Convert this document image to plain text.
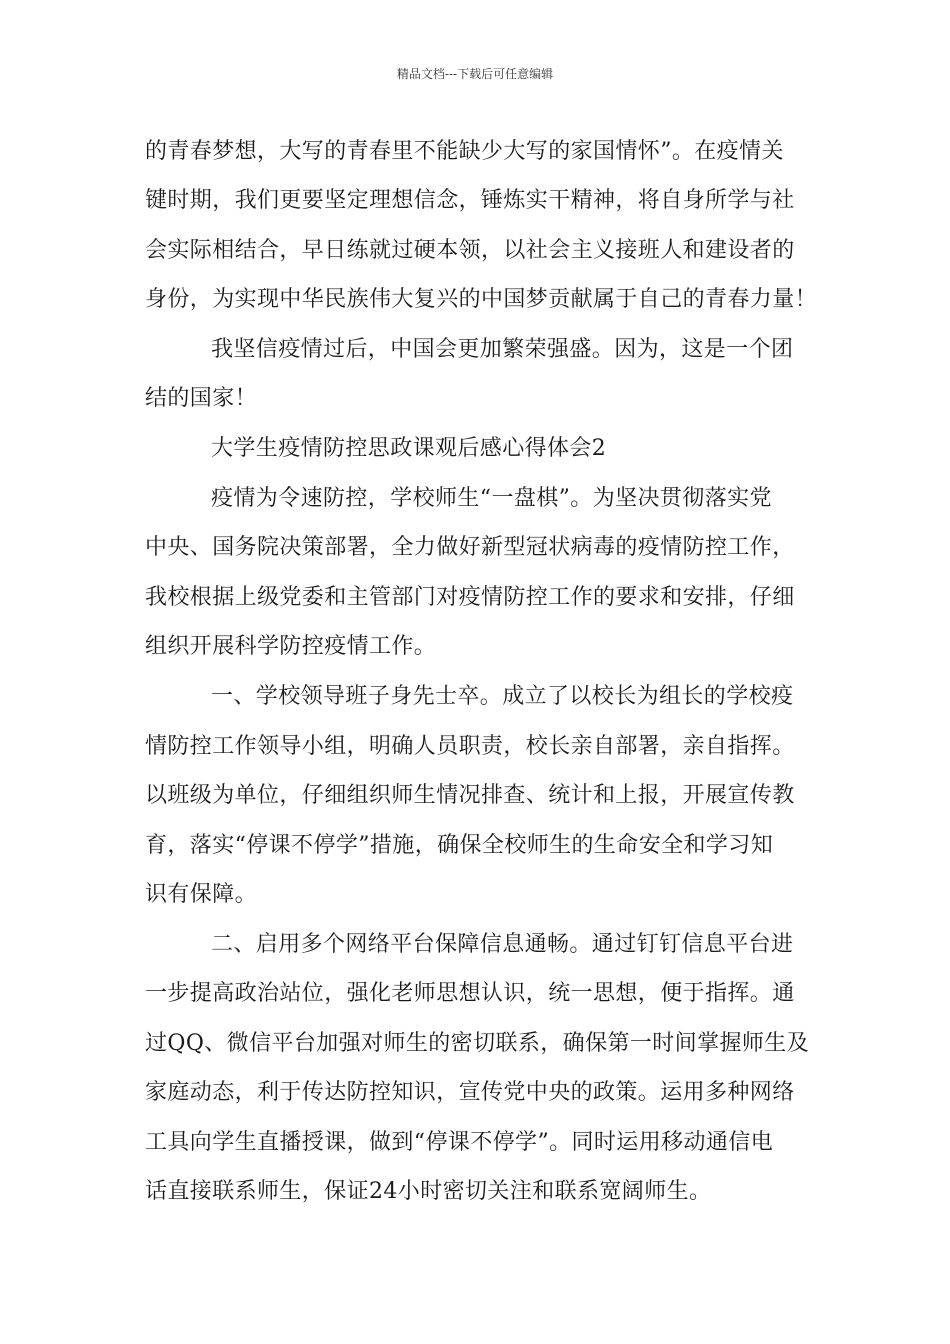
精品文档---下载后可任意编辑
的青春梦想，大写的青春里不能缺少大写的家国情怀”。在疫情关
键时期，我们更要坚定理想信念，锤炼实干精神，将自身所学与社
会实际相结合，早日练就过硬本领，以社会主义接班人和建设者的
身份，为实现中华民族伟大复兴的中国梦贡献属于自己的青春力量！
我坚信疫情过后，中国会更加繁荣强盛。因为，这是一个团
结的国家！
大学生疫情防控思政课观后感心得体会2
疫情为令速防控，学校师生“一盘棋”。为坚决贯彻落实党
中央、国务院决策部署，全力做好新型冠状病毒的疫情防控工作，
我校根据上级党委和主管部门对疫情防控工作的要求和安排，仔细
组织开展科学防控疫情工作。
一、学校领导班子身先士卒。成立了以校长为组长的学校疫
情防控工作领导小组，明确人员职责，校长亲自部署，亲自指挥。
以班级为单位，仔细组织师生情况排查、统计和上报，开展宣传教
育，落实“停课不停学”措施，确保全校师生的生命安全和学习知
识有保障。
二、启用多个网络平台保障信息通畅。通过钉钉信息平台进
一步提高政治站位，强化老师思想认识，统一思想，便于指挥。通
过QQ、微信平台加强对师生的密切联系，确保第一时间掌握师生及
家庭动态，利于传达防控知识，宣传党中央的政策。运用多种网络
工具向学生直播授课，做到“停课不停学”。同时运用移动通信电
话直接联系师生，保证24小时密切关注和联系宽阔师生。
